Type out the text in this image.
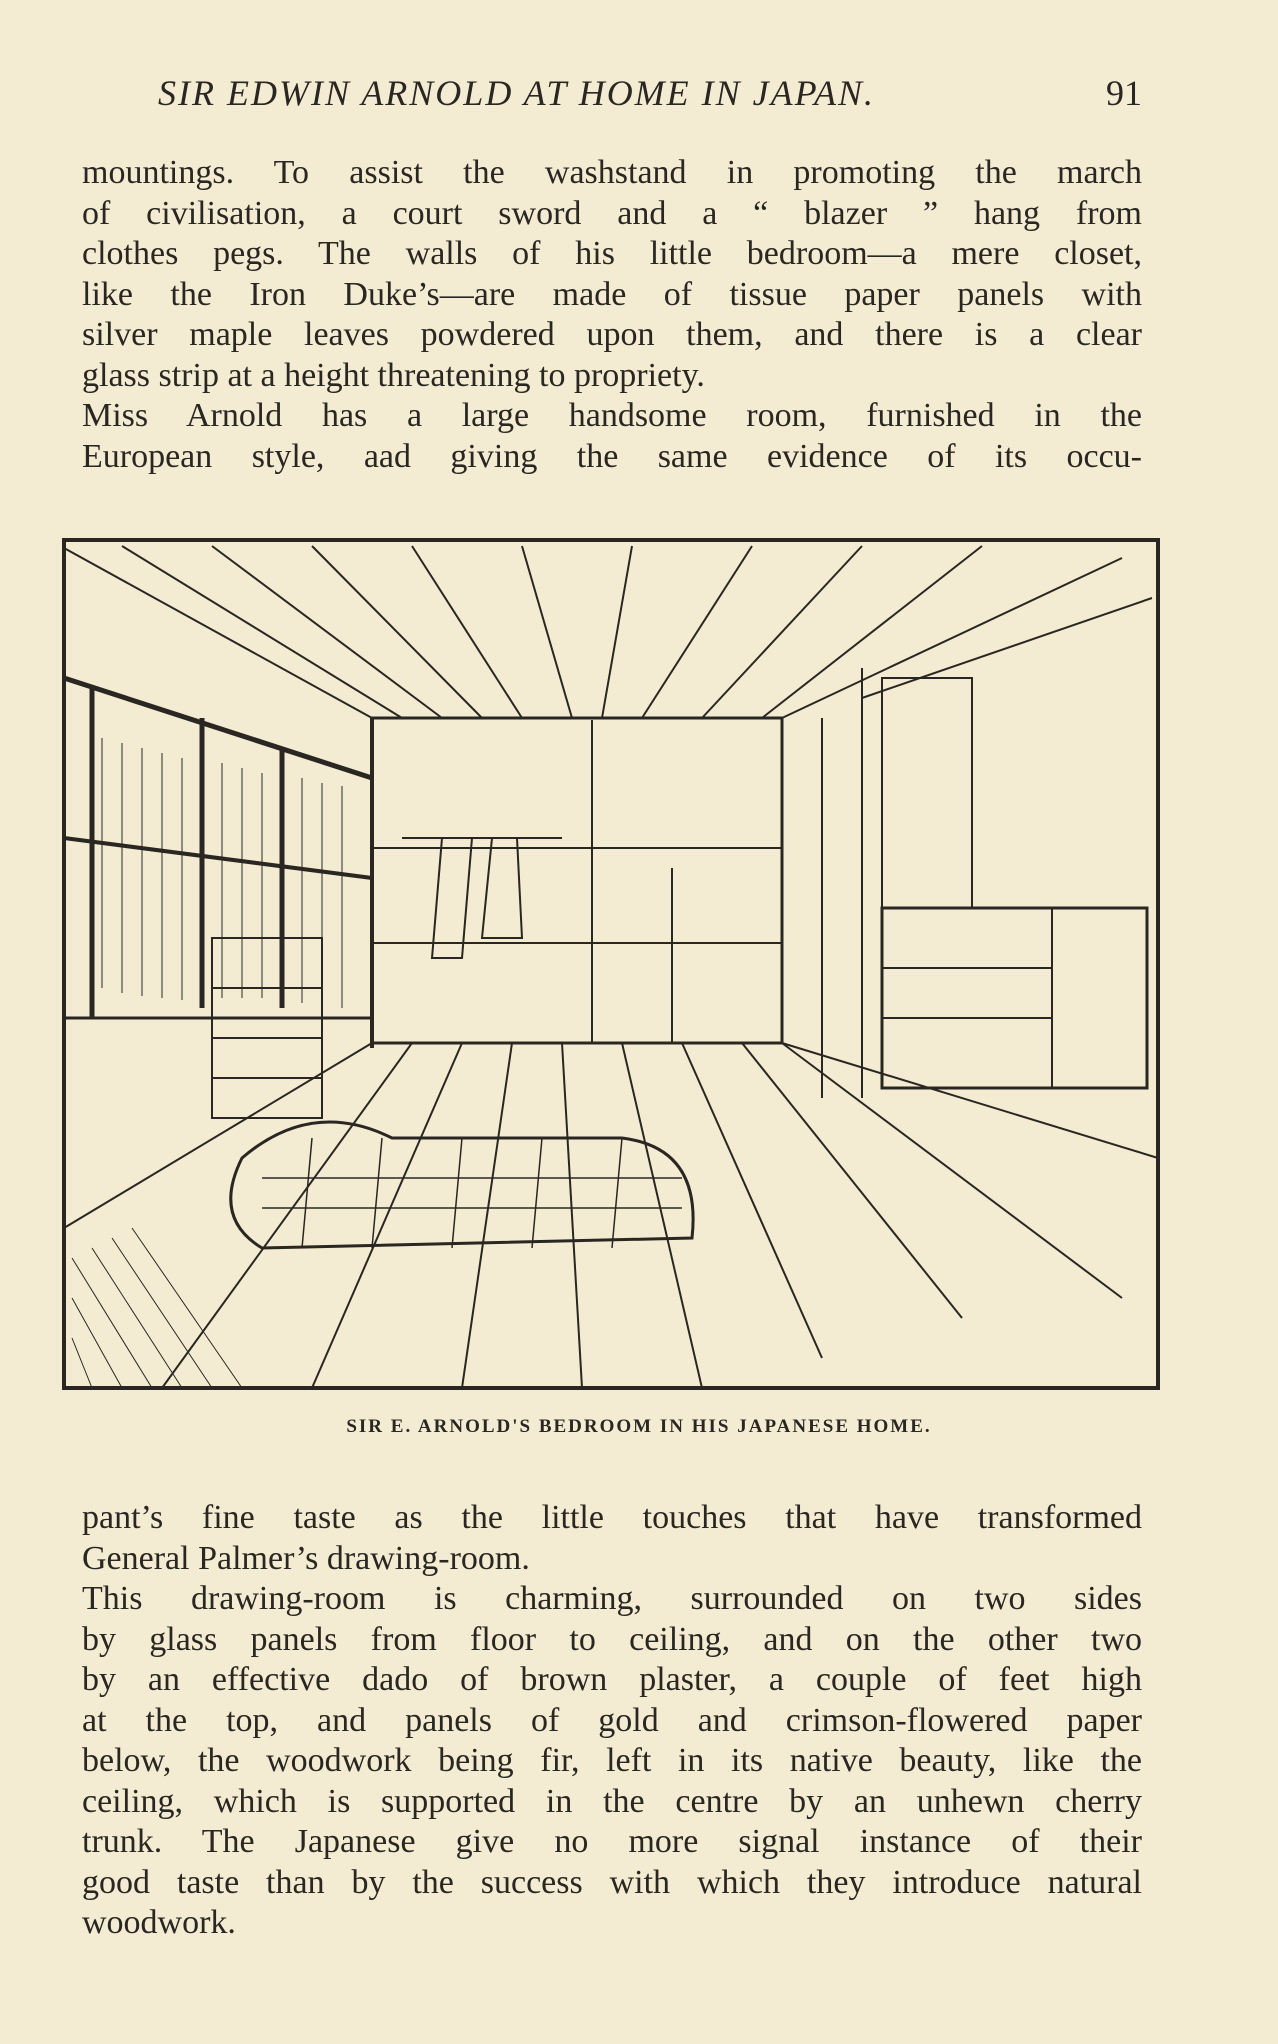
SIR EDWIN ARNOLD AT HOME IN JAPAN.	91
mountings. To assist the washstand in promoting the march
of civilisation, a court sword and a “ blazer ” hang from
clothes pegs. The walls of his little bedroom—a mere closet,
like the Iron Duke’s—are made of tissue paper panels with
silver maple leaves powdered upon them, and there is a clear
glass strip at a height threatening to propriety.
Miss Arnold has a large handsome room, furnished in the
European style, aad giving the same evidence of its occu-
SIR E. ARNOLD'S BEDROOM IN HIS JAPANESE HOME.
pant’s fine taste as the little touches that have transformed
General Palmer’s drawing-room.
This drawing-room is charming, surrounded on two sides
by glass panels from floor to ceiling, and on the other two
by an effective dado of brown plaster, a couple of feet high
at the top, and panels of gold and crimson-flowered paper
below, the woodwork being fir, left in its native beauty, like the
ceiling, which is supported in the centre by an unhewn cherry
trunk. The Japanese give no more signal instance of their
good taste than by the success with which they introduce natural
woodwork.
